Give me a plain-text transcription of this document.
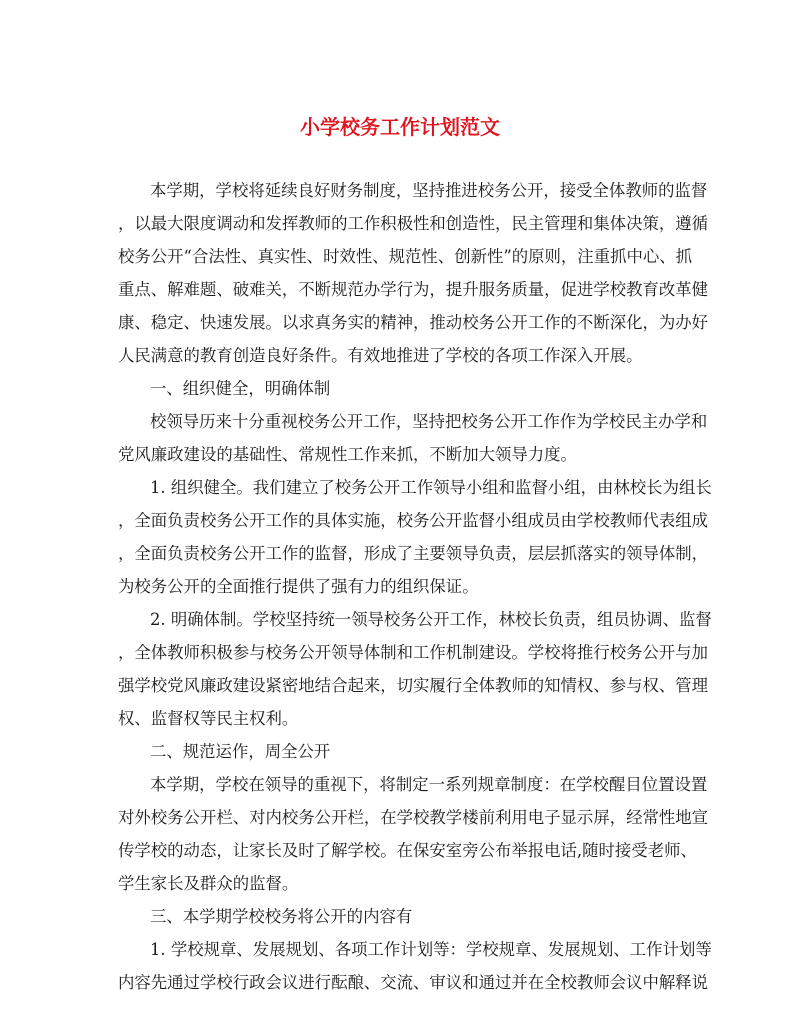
小学校务工作计划范文

本学期，学校将延续良好财务制度，坚持推进校务公开，接受全体教师的监督

，以最大限度调动和发挥教师的工作积极性和创造性，民主管理和集体决策，遵循

校务公开“合法性、真实性、时效性、规范性、创新性”的原则，注重抓中心、抓

重点、解难题、破难关，不断规范办学行为，提升服务质量，促进学校教育改革健

康、稳定、快速发展。以求真务实的精神，推动校务公开工作的不断深化，为办好

人民满意的教育创造良好条件。有效地推进了学校的各项工作深入开展。

一、组织健全，明确体制

校领导历来十分重视校务公开工作，坚持把校务公开工作作为学校民主办学和

党风廉政建设的基础性、常规性工作来抓，不断加大领导力度。

1. 组织健全。我们建立了校务公开工作领导小组和监督小组，由林校长为组长

，全面负责校务公开工作的具体实施，校务公开监督小组成员由学校教师代表组成

，全面负责校务公开工作的监督，形成了主要领导负责，层层抓落实的领导体制，

为校务公开的全面推行提供了强有力的组织保证。

2. 明确体制。学校坚持统一领导校务公开工作，林校长负责，组员协调、监督

，全体教师积极参与校务公开领导体制和工作机制建设。学校将推行校务公开与加

强学校党风廉政建设紧密地结合起来，切实履行全体教师的知情权、参与权、管理

权、监督权等民主权利。

二、规范运作，周全公开

本学期，学校在领导的重视下，将制定一系列规章制度：在学校醒目位置设置

对外校务公开栏、对内校务公开栏，在学校教学楼前利用电子显示屏，经常性地宣

传学校的动态，让家长及时了解学校。在保安室旁公布举报电话,随时接受老师、

学生家长及群众的监督。

三、本学期学校校务将公开的内容有

1. 学校规章、发展规划、各项工作计划等：学校规章、发展规划、工作计划等

内容先通过学校行政会议进行酝酿、交流、审议和通过并在全校教师会议中解释说
